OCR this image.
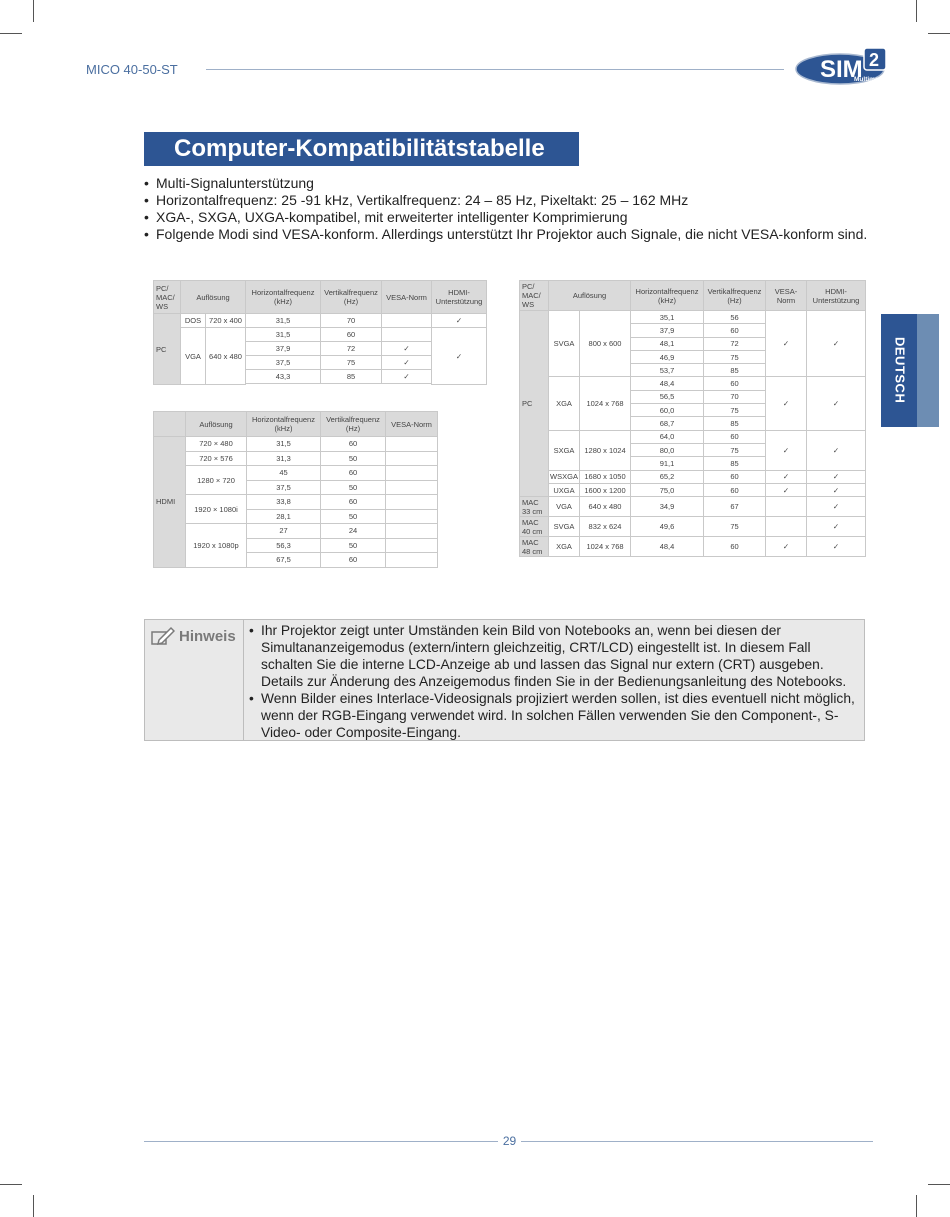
MICO 40-50-ST	SIM 2
Multimedia
Computer-Kompatibilitätstabelle
• Multi-Signalunterstützung
• Horizontalfrequenz: 25 -91 kHz, Vertikalfrequenz: 24 – 85 Hz, Pixeltakt: 25 – 162 MHz
• XGA-, SXGA, UXGA-kompatibel, mit erweiterter intelligenter Komprimierung
• Folgende Modi sind VESA-konform. Allerdings unterstützt Ihr Projektor auch Signale, die nicht VESA-konform sind.
DEUTSCH
PC/ MAC/ WS	Auflösung		Horizontalfrequenz (kHz)	Vertikalfrequenz (Hz)	VESA-Norm	HDMI-Unterstützung
PC	DOS	720 x 400	31,5	70		✓
	VGA	640 x 480	31,5	60		✓
			37,9	72	✓	
			37,5	75	✓	
			43,3	85	✓	

	Auflösung	Horizontalfrequenz (kHz)	Vertikalfrequenz (Hz)	VESA-Norm
HDMI	720 × 480	31,5	60	
	720 × 576	31,3	50	
	1280 × 720	45	60	
		37,5	50	
	1920 × 1080i	33,8	60	
		28,1	50	
	1920 x 1080p	27	24	
		56,3	50	
		67,5	60	
PC/ MAC/ WS	Auflösung		Horizontalfrequenz (kHz)	Vertikalfrequenz (Hz)	VESA-Norm	HDMI-Unterstützung
PC	SVGA	800 x 600	35,1	56	✓	✓
			37,9	60		
			48,1	72		
			46,9	75		
			53,7	85		
	XGA	1024 x 768	48,4	60	✓	✓
			56,5	70		
			60,0	75		
			68,7	85		
	SXGA	1280 x 1024	64,0	60	✓	✓
			80,0	75		
			91,1	85		
	WSXGA	1680 x 1050	65,2	60	✓	✓
	UXGA	1600 x 1200	75,0	60	✓	✓
MAC 33 cm	VGA	640 x 480	34,9	67		✓
MAC 40 cm	SVGA	832 x 624	49,6	75		✓
MAC 48 cm	XGA	1024 x 768	48,4	60	✓	✓
Hinweis	• Ihr Projektor zeigt unter Umständen kein Bild von Notebooks an, wenn bei diesen der Simultananzeigemodus (extern/intern gleichzeitig, CRT/LCD) eingestellt ist. In diesem Fall schalten Sie die interne LCD-Anzeige ab und lassen das Signal nur extern (CRT) ausgeben. Details zur Änderung des Anzeigemodus finden Sie in der Bedienungsanleitung des Notebooks.
• Wenn Bilder eines Interlace-Videosignals projiziert werden sollen, ist dies eventuell nicht möglich, wenn der RGB-Eingang verwendet wird. In solchen Fällen verwenden Sie den Component-, S-Video- oder Composite-Eingang.
29
